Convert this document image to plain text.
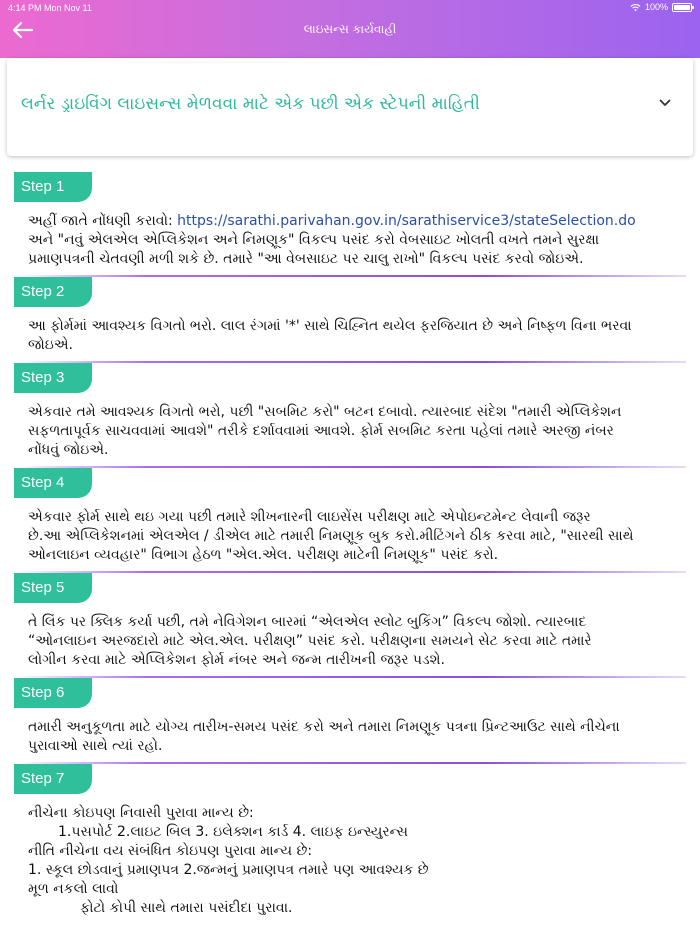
4:14 PM Mon Nov 11	100%
લાઇસન્સ કાર્યવાહી
લર્નર ડ્રાઇવિંગ લાઇસન્સ મેળવવા માટે એક પછી એક સ્ટેપની માહિતી
Step 1
અહીં જાતે નોંધણી કરાવો: https://sarathi.parivahan.gov.in/sarathiservice3/stateSelection.do
અને "નવું એલએલ એપ્લિકેશન અને નિમણૂક" વિકલ્પ પસંદ કરો વેબસાઇટ ખોલતી વખતે તમને સુરક્ષા
પ્રમાણપત્રની ચેતવણી મળી શકે છે. તમારે "આ વેબસાઇટ પર ચાલુ રાખો" વિકલ્પ પસંદ કરવો જોઇએ.
Step 2
આ ફોર્મમાં આવશ્યક વિગતો ભરો. લાલ રંગમાં '*' સાથે ચિહ્નિત થયેલ ફરજિયાત છે અને નિષ્ફળ વિના ભરવા
જોઇએ.
Step 3
એકવાર તમે આવશ્યક વિગતો ભરો, પછી "સબમિટ કરો" બટન દબાવો. ત્યારબાદ સંદેશ "તમારી એપ્લિકેશન
સફળતાપૂર્વક સાચવવામાં આવશે" તરીકે દર્શાવવામાં આવશે. ફોર્મ સબમિટ કરતા પહેલાં તમારે અરજી નંબર
નોંધવું જોઇએ.
Step 4
એકવાર ફોર્મ સાથે થઇ ગયા પછી તમારે શીખનારની લાઇસેંસ પરીક્ષણ માટે એપોઇન્ટમેન્ટ લેવાની જરૂર
છે.આ એપ્લિકેશનમાં એલએલ / ડીએલ માટે તમારી નિમણૂક બુક કરો.મીટિંગને ઠીક કરવા માટે, "સારથી સાથે
ઓનલાઇન વ્યવહાર" વિભાગ હેઠળ "એલ.એલ. પરીક્ષણ માટેની નિમણૂક" પસંદ કરો.
Step 5
તે લિંક પર ક્લિક કર્યા પછી, તમે નેવિગેશન બારમાં “એલએલ સ્લોટ બુકિંગ” વિકલ્પ જોશો. ત્યારબાદ
“ઓનલાઇન અરજદારો માટે એલ.એલ. પરીક્ષણ” પસંદ કરો. પરીક્ષણના સમયને સેટ કરવા માટે તમારે
લોગીન કરવા માટે એપ્લિકેશન ફોર્મ નંબર અને જન્મ તારીખની જરૂર પડશે.
Step 6
તમારી અનુકૂળતા માટે યોગ્ય તારીખ-સમય પસંદ કરો અને તમારા નિમણૂક પત્રના પ્રિન્ટઆઉટ સાથે નીચેના
પુરાવાઓ સાથે ત્યાં રહો.
Step 7
નીચેના કોઇપણ નિવાસી પુરાવા માન્ય છે:
1.પસપોર્ટ 2.લાઇટ બિલ 3. ઇલેક્શન કાર્ડ 4. લાઇફ ઇન્સ્યુરન્સ
નીતિ નીચેના વય સંબંધિત કોઇપણ પુરાવા માન્ય છે:
1. સ્કૂલ છોડવાનું પ્રમાણપત્ર 2.જન્મનું પ્રમાણપત્ર તમારે પણ આવશ્યક છે
મૂળ નકલો લાવો
ફોટો કોપી સાથે તમારા પસંદીદા પુરાવા.
